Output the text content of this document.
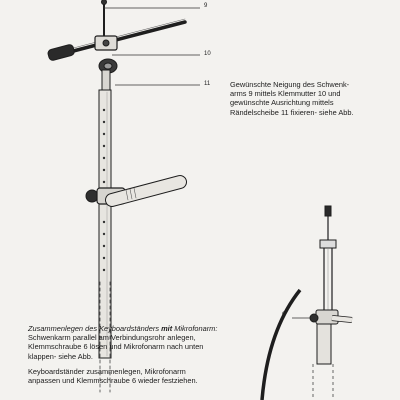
9
10
11
6

Gewünschte Neigung des Schwenk-

arms 9 mittels Klemmutter 10 und

gewünschte Ausrichtung mittels

Rändelscheibe 11 fixieren- siehe Abb.

Zusammenlegen des Keyboardständers mit Mikrofonarm:

Schwenkarm parallel am Verbindungsrohr anlegen,

Klemmschraube 6 lösen und Mikrofonarm nach unten

klappen- siehe Abb.

Keyboardständer zusammenlegen, Mikrofonarm

anpassen und Klemmschraube 6 wieder festziehen.
